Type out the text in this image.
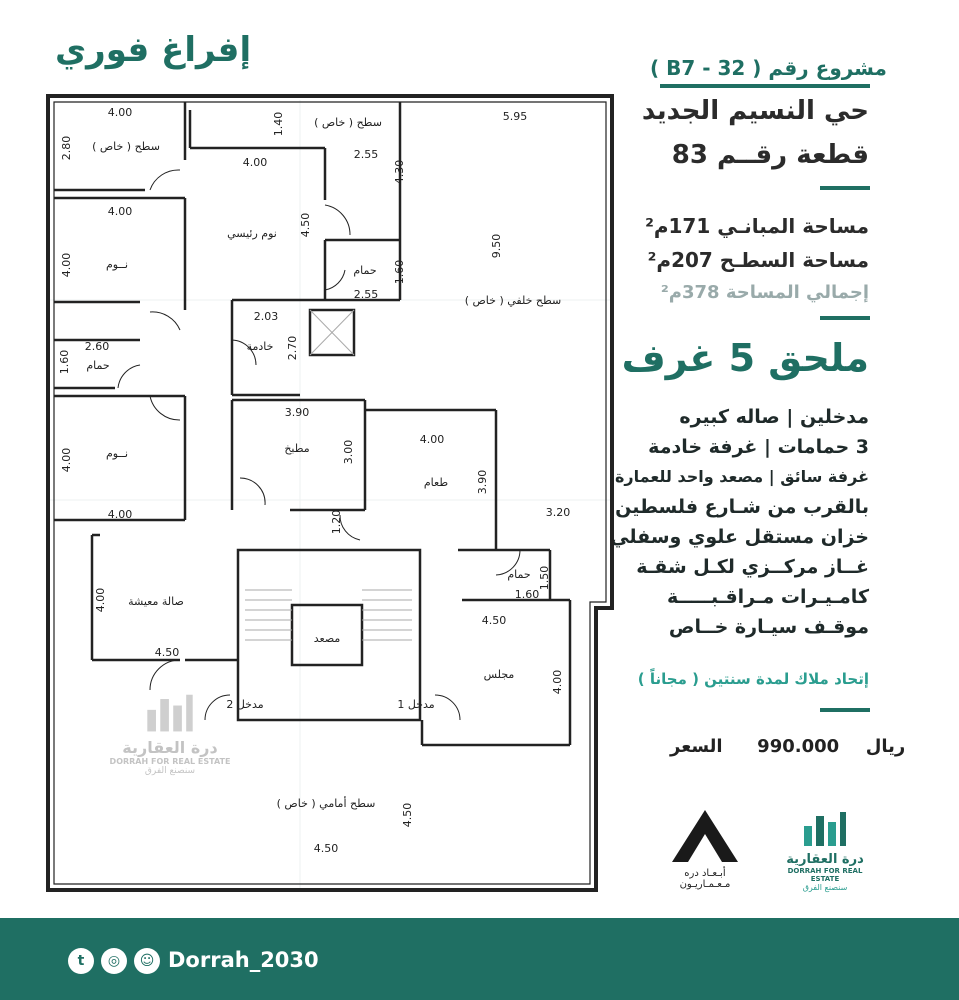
إفراغ فوري	مشروع رقم ( B7 - 32 )
حي النسيم الجديد
قطعة رقــم 83
مساحة المبانـي 171م²
مساحة السطـح 207م²
إجمالي المساحة 378م²
ملحق 5 غرف
مدخلين | صاله كبيره
3 حمامات | غرفة خادمة
غرفة سائق | مصعد واحد للعمارة
بالقرب من شـارع فلسطين
خزان مستقل علوي وسفلي
غــاز مركــزي لكـل شقـة
كامـيـرات مـراقـبـــــة
موقـف سيـارة خــاص
إتحاد ملاك لمدة سنتين ( مجاناً )
ريال  990.000  السعر
أبـعـاد دره
مـعـمـاريـون
درة العقارية
DORRAH FOR REAL ESTATE
سنصنع الفرق
سطح ( خاص )
سطح ( خاص )
نوم رئيسي
نــوم	حمام
سطح خلفي ( خاص )
خادمة
حمام
نــوم	مطبخ
طعام
حمام
صالة معيشة
مصعد
مجلس
مدخل 1
مدخل 2
سطح أمامي ( خاص )
4.00
2.80
1.40
2.55
4.30
5.95
4.00
4.50
4.00
4.00	1.60
2.55
9.50
2.03
2.70
2.60
1.60
3.90
3.00
4.00
4.00
4.00
3.90
3.20
1.20
1.50
1.60
4.50
4.00
4.50
4.00
4.50
4.50
درة العقارية
DORRAH FOR REAL ESTATE
سنصنع الفرق
t	◎	☺ Dorrah_2030
